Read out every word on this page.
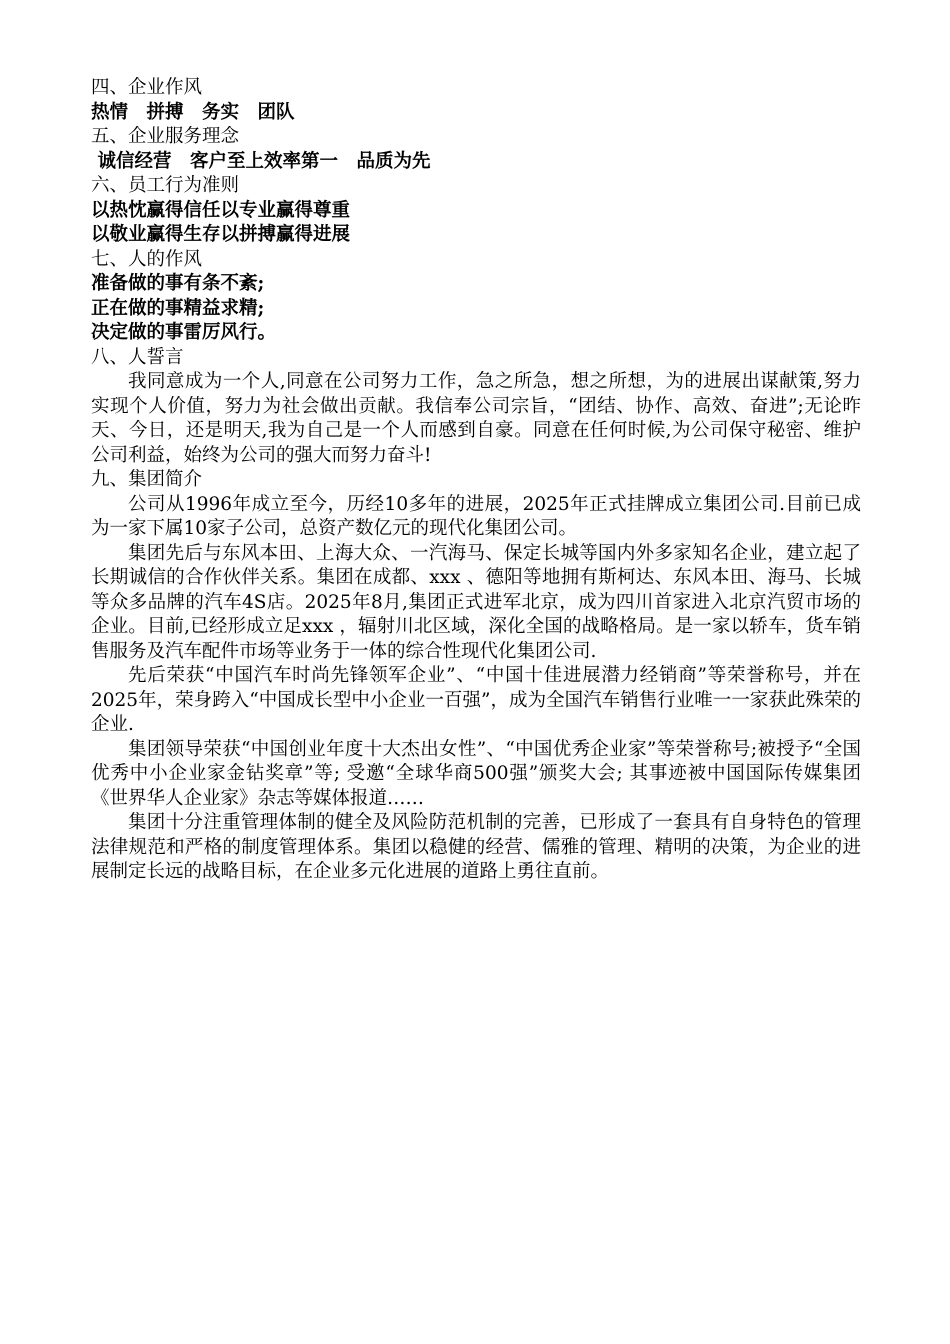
四、企业作风
热情　拼搏　务实　团队
五、企业服务理念
诚信经营　客户至上效率第一　品质为先
六、员工行为准则
以热忱赢得信任以专业赢得尊重
以敬业赢得生存以拼搏赢得进展
七、人的作风
准备做的事有条不紊;
正在做的事精益求精;
决定做的事雷厉风行。
八、人誓言

我同意成为一个人,同意在公司努力工作，急之所急，想之所想，为的进展出谋献策,努力实现个人价值，努力为社会做出贡献。我信奉公司宗旨，“团结、协作、高效、奋进”;无论昨天、今日，还是明天,我为自己是一个人而感到自豪。同意在任何时候,为公司保守秘密、维护公司利益，始终为公司的强大而努力奋斗!

九、集团简介

公司从1996年成立至今，历经10多年的进展，2025年正式挂牌成立集团公司.目前已成为一家下属10家子公司，总资产数亿元的现代化集团公司。

集团先后与东风本田、上海大众、一汽海马、保定长城等国内外多家知名企业，建立起了长期诚信的合作伙伴关系。集团在成都、xxx 、德阳等地拥有斯柯达、东风本田、海马、长城等众多品牌的汽车4S店。2025年8月,集团正式进军北京，成为四川首家进入北京汽贸市场的企业。目前,已经形成立足xxx ，辐射川北区域，深化全国的战略格局。是一家以轿车，货车销售服务及汽车配件市场等业务于一体的综合性现代化集团公司.

先后荣获“中国汽车时尚先锋领军企业”、“中国十佳进展潜力经销商”等荣誉称号，并在2025年，荣身跨入“中国成长型中小企业一百强”，成为全国汽车销售行业唯一一家获此殊荣的企业.

集团领导荣获“中国创业年度十大杰出女性”、“中国优秀企业家”等荣誉称号;被授予“全国优秀中小企业家金钻奖章”等; 受邀“全球华商500强”颁奖大会; 其事迹被中国国际传媒集团《世界华人企业家》杂志等媒体报道……

集团十分注重管理体制的健全及风险防范机制的完善，已形成了一套具有自身特色的管理法律规范和严格的制度管理体系。集团以稳健的经营、儒雅的管理、精明的决策，为企业的进展制定长远的战略目标，在企业多元化进展的道路上勇往直前。
